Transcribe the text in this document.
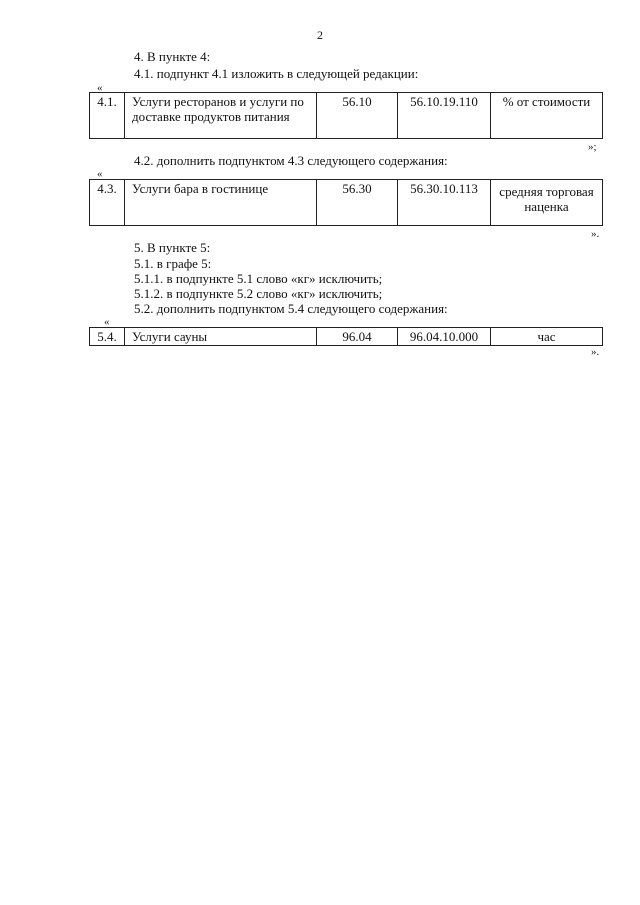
2
4. В пункте 4:
4.1. подпункт 4.1 изложить в следующей редакции:
«
4.1.	Услуги ресторанов и услуги по доставке продуктов питания	56.10	56.10.19.110	% от стоимости
»;
4.2. дополнить подпунктом 4.3 следующего содержания:
«
4.3.	Услуги бара в гостинице	56.30	56.30.10.113	средняя торговая наценка
».
5. В пункте 5:
5.1. в графе 5:
5.1.1. в подпункте 5.1 слово «кг» исключить;
5.1.2. в подпункте 5.2 слово «кг» исключить;
5.2. дополнить подпунктом 5.4 следующего содержания:
«
5.4.	Услуги сауны	96.04	96.04.10.000	час
».
